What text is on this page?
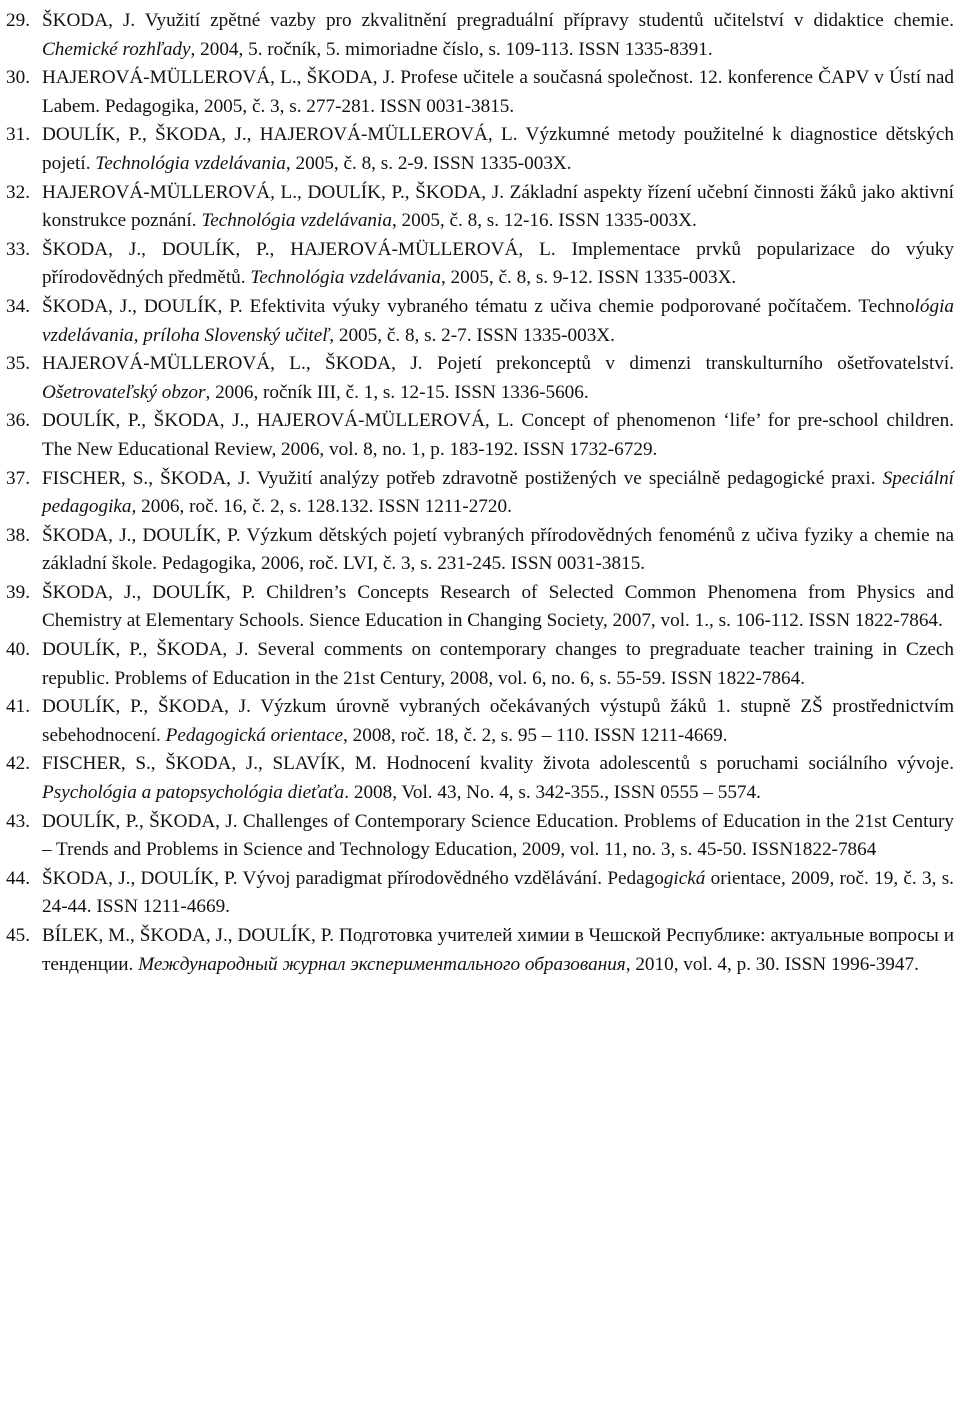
29. ŠKODA, J. Využití zpětné vazby pro zkvalitnění pregraduální přípravy studentů učitelství v didaktice chemie. Chemické rozhľady, 2004, 5. ročník, 5. mimoriadne číslo, s. 109-113. ISSN 1335-8391.

30. HAJEROVÁ-MÜLLEROVÁ, L., ŠKODA, J. Profese učitele a současná společnost. 12. konference ČAPV v Ústí nad Labem. Pedagogika, 2005, č. 3, s. 277-281. ISSN 0031-3815.

31. DOULÍK, P., ŠKODA, J., HAJEROVÁ-MÜLLEROVÁ, L. Výzkumné metody použitelné k diagnostice dětských pojetí. Technológia vzdelávania, 2005, č. 8, s. 2-9. ISSN 1335-003X.

32. HAJEROVÁ-MÜLLEROVÁ, L., DOULÍK, P., ŠKODA, J. Základní aspekty řízení učební činnosti žáků jako aktivní konstrukce poznání. Technológia vzdelávania, 2005, č. 8, s. 12-16. ISSN 1335-003X.

33. ŠKODA, J., DOULÍK, P., HAJEROVÁ-MÜLLEROVÁ, L. Implementace prvků popularizace do výuky přírodovědných předmětů. Technológia vzdelávania, 2005, č. 8, s. 9-12. ISSN 1335-003X.

34. ŠKODA, J., DOULÍK, P. Efektivita výuky vybraného tématu z učiva chemie podporované počítačem. Technológia vzdelávania, príloha Slovenský učiteľ, 2005, č. 8, s. 2-7. ISSN 1335-003X.

35. HAJEROVÁ-MÜLLEROVÁ, L., ŠKODA, J. Pojetí prekonceptů v dimenzi transkulturního ošetřovatelství. Ošetrovateľský obzor, 2006, ročník III, č. 1, s. 12-15. ISSN 1336-5606.

36. DOULÍK, P., ŠKODA, J., HAJEROVÁ-MÜLLEROVÁ, L. Concept of phenomenon ‘life’ for pre-school children. The New Educational Review, 2006, vol. 8, no. 1, p. 183-192. ISSN 1732-6729.

37. FISCHER, S., ŠKODA, J. Využití analýzy potřeb zdravotně postižených ve speciálně pedagogické praxi. Speciální pedagogika, 2006, roč. 16, č. 2, s. 128.132. ISSN 1211-2720.

38. ŠKODA, J., DOULÍK, P. Výzkum dětských pojetí vybraných přírodovědných fenoménů z učiva fyziky a chemie na základní škole. Pedagogika, 2006, roč. LVI, č. 3, s. 231-245. ISSN 0031-3815.

39. ŠKODA, J., DOULÍK, P. Children’s Concepts Research of Selected Common Phenomena from Physics and Chemistry at Elementary Schools. Sience Education in Changing Society, 2007, vol. 1., s. 106-112. ISSN 1822-7864.

40. DOULÍK, P., ŠKODA, J. Several comments on contemporary changes to pregraduate teacher training in Czech republic. Problems of Education in the 21st Century, 2008, vol. 6, no. 6, s. 55-59. ISSN 1822-7864.

41. DOULÍK, P., ŠKODA, J. Výzkum úrovně vybraných očekávaných výstupů žáků 1. stupně ZŠ prostřednictvím sebehodnocení. Pedagogická orientace, 2008, roč. 18, č. 2, s. 95 – 110. ISSN 1211-4669.

42. FISCHER, S., ŠKODA, J., SLAVÍK, M. Hodnocení kvality života adolescentů s poruchami sociálního vývoje. Psychológia a patopsychológia dieťaťa. 2008, Vol. 43, No. 4, s. 342-355., ISSN 0555 – 5574.

43. DOULÍK, P., ŠKODA, J. Challenges of Contemporary Science Education. Problems of Education in the 21st Century – Trends and Problems in Science and Technology Education, 2009, vol. 11, no. 3, s. 45-50. ISSN1822-7864

44. ŠKODA, J., DOULÍK, P. Vývoj paradigmat přírodovědného vzdělávání. Pedagogická orientace, 2009, roč. 19, č. 3, s. 24-44. ISSN 1211-4669.

45. BÍLEK, M., ŠKODA, J., DOULÍK, P. Подготовка учителей химии в Чешской Республике: актуальные вопросы и тенденции. Международный журнал экспериментального образования, 2010, vol. 4, p. 30. ISSN 1996-3947.
